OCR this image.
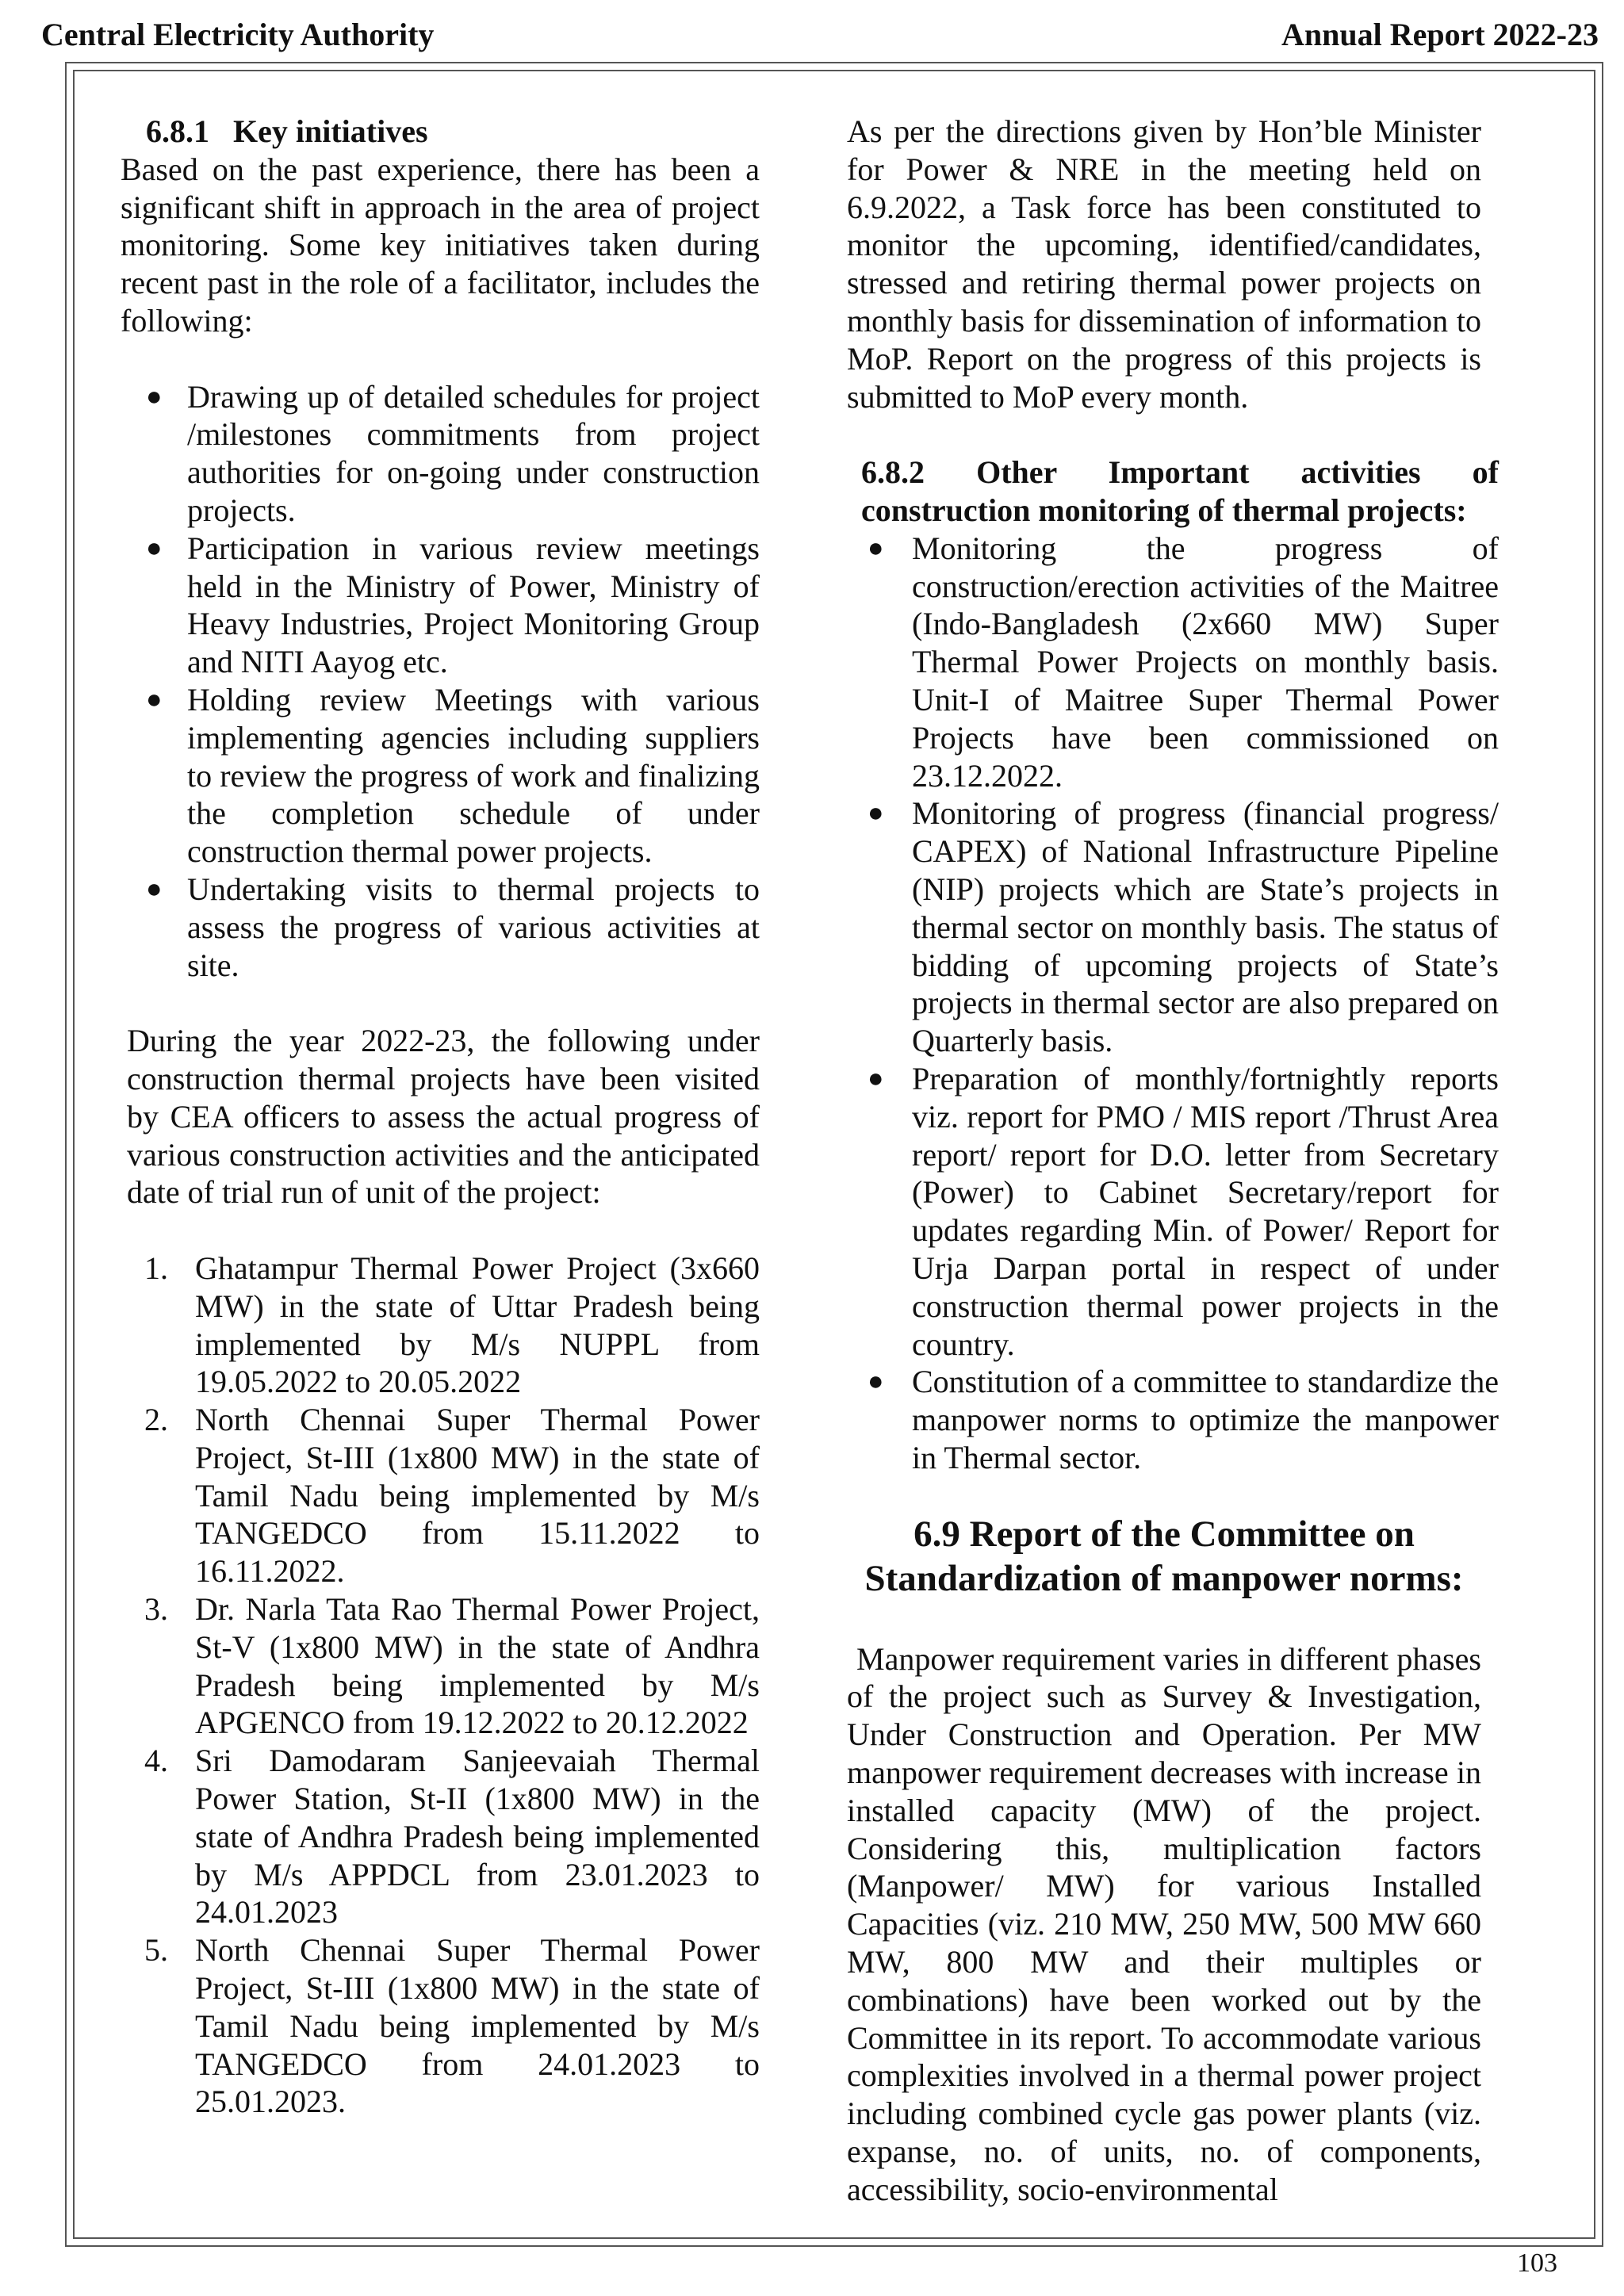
Central Electricity Authority	Annual Report 2022-23

6.8.1   Key initiatives

Based on the past experience, there has been a significant shift in approach in the area of project monitoring. Some key initiatives taken during recent past in the role of a facilitator, includes the following:

● Drawing up of detailed schedules for project /milestones commitments from project authorities for on-going under construction projects.
● Participation in various review meetings held in the Ministry of Power, Ministry of Heavy Industries, Project Monitoring Group and NITI Aayog etc.
● Holding review Meetings with various implementing agencies including suppliers to review the progress of work and finalizing the completion schedule of under construction thermal power projects.
● Undertaking visits to thermal projects to assess the progress of various activities at site.

During the year 2022-23, the following under construction thermal projects have been visited by CEA officers to assess the actual progress of various construction activities and the anticipated date of trial run of unit of the project:

1. Ghatampur Thermal Power Project (3x660 MW) in the state of Uttar Pradesh being implemented by M/s NUPPL from 19.05.2022 to 20.05.2022
2. North Chennai Super Thermal Power Project, St-III (1x800 MW) in the state of Tamil Nadu being implemented by M/s TANGEDCO from 15.11.2022 to 16.11.2022.
3. Dr. Narla Tata Rao Thermal Power Project, St-V (1x800 MW) in the state of Andhra Pradesh being implemented by M/s APGENCO from 19.12.2022 to 20.12.2022
4. Sri Damodaram Sanjeevaiah Thermal Power Station, St-II (1x800 MW) in the state of Andhra Pradesh being implemented by M/s APPDCL from 23.01.2023 to 24.01.2023
5. North Chennai Super Thermal Power Project, St-III (1x800 MW) in the state of Tamil Nadu being implemented by M/s TANGEDCO from 24.01.2023 to 25.01.2023.

As per the directions given by Hon’ble Minister for Power & NRE in the meeting held on 6.9.2022, a Task force has been constituted to monitor the upcoming, identified/candidates, stressed and retiring thermal power projects on monthly basis for dissemination of information to MoP. Report on the progress of this projects is submitted to MoP every month.

6.8.2 Other Important activities of construction monitoring of thermal projects:

● Monitoring the progress of construction/erection activities of the Maitree (Indo-Bangladesh (2x660 MW) Super Thermal Power Projects on monthly basis. Unit-I of Maitree Super Thermal Power Projects have been commissioned on 23.12.2022.
● Monitoring of progress (financial progress/ CAPEX) of National Infrastructure Pipeline (NIP) projects which are State’s projects in thermal sector on monthly basis. The status of bidding of upcoming projects of State’s projects in thermal sector are also prepared on Quarterly basis.
● Preparation of monthly/fortnightly reports viz. report for PMO / MIS report /Thrust Area report/ report for D.O. letter from Secretary (Power) to Cabinet Secretary/report for updates regarding Min. of Power/ Report for Urja Darpan portal in respect of under construction thermal power projects in the country.
● Constitution of a committee to standardize the manpower norms to optimize the manpower in Thermal sector.

6.9 Report of the Committee on

Standardization of manpower norms:

Manpower requirement varies in different phases of the project such as Survey & Investigation, Under Construction and Operation. Per MW manpower requirement decreases with increase in installed capacity (MW) of the project. Considering this, multiplication factors (Manpower/ MW) for various Installed Capacities (viz. 210 MW, 250 MW, 500 MW 660 MW, 800 MW and their multiples or combinations) have been worked out by the Committee in its report. To accommodate various complexities involved in a thermal power project including combined cycle gas power plants (viz. expanse, no. of units, no. of components, accessibility, socio-environmental

103
